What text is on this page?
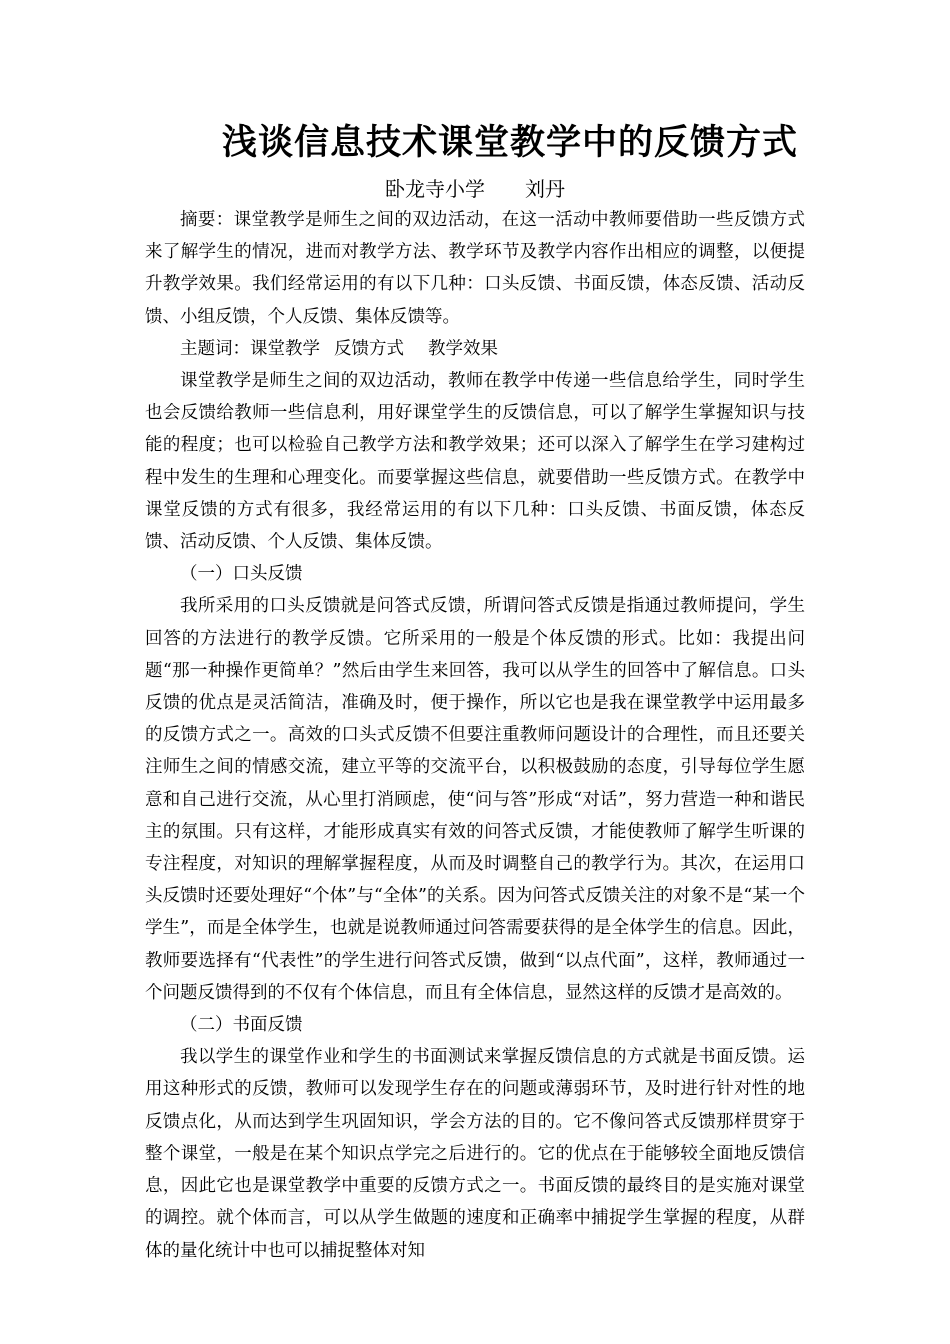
浅谈信息技术课堂教学中的反馈方式
卧龙寺小学 刘丹

摘要：课堂教学是师生之间的双边活动，在这一活动中教师要借助一些反馈方式来了解学生的情况，进而对教学方法、教学环节及教学内容作出相应的调整，以便提升教学效果。我们经常运用的有以下几种：口头反馈、书面反馈，体态反馈、活动反馈、小组反馈，个人反馈、集体反馈等。

主题词：课堂教学 反馈方式 教学效果

课堂教学是师生之间的双边活动，教师在教学中传递一些信息给学生，同时学生也会反馈给教师一些信息利，用好课堂学生的反馈信息，可以了解学生掌握知识与技能的程度；也可以检验自己教学方法和教学效果；还可以深入了解学生在学习建构过程中发生的生理和心理变化。而要掌握这些信息，就要借助一些反馈方式。在教学中课堂反馈的方式有很多，我经常运用的有以下几种：口头反馈、书面反馈，体态反馈、活动反馈、个人反馈、集体反馈。

（一）口头反馈

我所采用的口头反馈就是问答式反馈，所谓问答式反馈是指通过教师提问，学生回答的方法进行的教学反馈。它所采用的一般是个体反馈的形式。比如：我提出问题“那一种操作更简单？”然后由学生来回答，我可以从学生的回答中了解信息。口头反馈的优点是灵活简洁，准确及时，便于操作，所以它也是我在课堂教学中运用最多的反馈方式之一。高效的口头式反馈不但要注重教师问题设计的合理性，而且还要关注师生之间的情感交流，建立平等的交流平台，以积极鼓励的态度，引导每位学生愿意和自己进行交流，从心里打消顾虑，使“问与答”形成“对话”，努力营造一种和谐民主的氛围。只有这样，才能形成真实有效的问答式反馈，才能使教师了解学生听课的专注程度，对知识的理解掌握程度，从而及时调整自己的教学行为。其次，在运用口头反馈时还要处理好“个体”与“全体”的关系。因为问答式反馈关注的对象不是“某一个学生”，而是全体学生，也就是说教师通过问答需要获得的是全体学生的信息。因此，教师要选择有“代表性”的学生进行问答式反馈，做到“以点代面”，这样，教师通过一个问题反馈得到的不仅有个体信息，而且有全体信息，显然这样的反馈才是高效的。

（二）书面反馈

我以学生的课堂作业和学生的书面测试来掌握反馈信息的方式就是书面反馈。运用这种形式的反馈，教师可以发现学生存在的问题或薄弱环节，及时进行针对性的地反馈点化，从而达到学生巩固知识，学会方法的目的。它不像问答式反馈那样贯穿于整个课堂，一般是在某个知识点学完之后进行的。它的优点在于能够较全面地反馈信息，因此它也是课堂教学中重要的反馈方式之一。书面反馈的最终目的是实施对课堂的调控。就个体而言，可以从学生做题的速度和正确率中捕捉学生掌握的程度，从群体的量化统计中也可以捕捉整体对知
